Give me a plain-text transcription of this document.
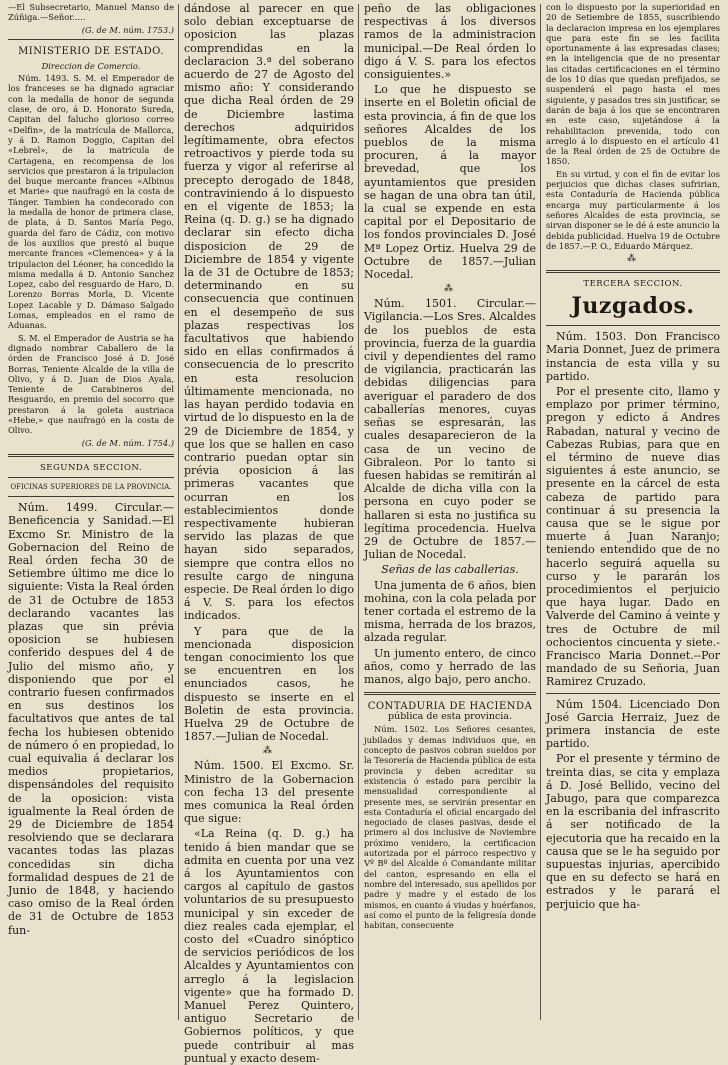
—El Subsecretario, Manuel Manso de Zúñiga.—Señor.....

(G. de M. núm. 1753.)

MINISTERIO DE ESTADO.

Direccion de Comercio.

Núm. 1493. S. M. el Emperador de los franceses se ha dignado agraciar con la medalla de honor de segunda clase, de oro, á D. Honorato Sureda, Capitan del falucho glorioso correo «Delfin», de la matrícula de Mallorca, y á D. Ramon Doggio, Capitan del «Lebrel», de la matrícula de Cartagena, en recompensa de los servicios que prestaron á la tripulacion del buque mercante frances «Albinus et Marie» que naufragó en la costa de Tánger. Tambien ha condecorado con la medalla de honor de primera clase, de plata, á D. Santos María Pego, guarda del faro de Cádiz, con motivo de los auxilios que prestó al buque mercante frances «Clemencea» y á la tripulacion del Léoner, ha concedido la misma medalla á D. Antonio Sanchez Lopez, cabo del resguardo de Haro, D. Lorenzo Borras Morla, D. Vicente Lopez Lacable y D. Dámaso Salgado Lomas, empleados en el ramo de Aduanas.

S. M. el Emperador de Austria se ha dignado nombrar Caballero de la órden de Francisco José á D. José Borras, Teniente Alcalde de la villa de Olivo, y á D. Juan de Dios Ayala, Teniente de Carabineros del Resguardo, en premio del socorro que prestaron á la goleta austriaca «Hebe,» que naufragó en la costa de Olivo.

(G. de M. núm. 1754.)

SEGUNDA SECCION.

OFICINAS SUPERIORES DE LA PROVINCIA.

Núm. 1499. Circular.— Beneficencia y Sanidad.—El Excmo Sr. Ministro de la Gobernacion del Reino de Real órden fecha 30 de Setiembre último me dice lo siguiente: Vista la Real órden de 31 de Octubre de 1853 declarando vacantes las plazas que sin prévia oposicion se hubiesen conferido despues del 4 de Julio del mismo año, y disponiendo que por el contrario fuesen confirmados en sus destinos los facultativos que antes de tal fecha los hubiesen obtenido de número ó en propiedad, lo cual equivalia á declarar los medios propietarios, dispensándoles del requisito de la oposicion: vista igualmente la Real órden de 29 de Diciembre de 1854 resolviendo que se declarara vacantes todas las plazas concedidas sin dicha formalidad despues de 21 de Junio de 1848, y haciendo caso omiso de la Real órden de 31 de Octubre de 1853 fun-

dándose al parecer en que solo debian exceptuarse de oposicion las plazas comprendidas en la declaracion 3.ª del soberano acuerdo de 27 de Agosto del mismo año: Y considerando que dicha Real órden de 29 de Diciembre lastima derechos adquiridos legítimamente, obra efectos retroactivos y pierde toda su fuerza y vigor al referirse al precepto derogado de 1848, contraviniendo á lo dispuesto en el vigente de 1853; la Reina (q. D. g.) se ha dignado declarar sin efecto dicha disposicion de 29 de Diciembre de 1854 y vigente la de 31 de Octubre de 1853; determinando en su consecuencia que continuen en el desempeño de sus plazas respectivas los facultativos que habiendo sido en ellas confirmados á consecuencia de lo prescrito en esta resolucion últimamente mencionada, no las hayan perdido todavia en virtud de lo dispuesto en la de 29 de Diciembre de 1854, y que los que se hallen en caso contrario puedan optar sin prévia oposicion á las primeras vacantes que ocurran en los establecimientos donde respectivamente hubieran servido las plazas de que hayan sido separados, siempre que contra ellos no resulte cargo de ninguna especie. De Real órden lo digo á V. S. para los efectos indicados.

Y para que de la mencionada disposicion tengan conocimiento los que se encuentren en los enunciados casos, he dispuesto se inserte en el Boletin de esta provincia. Huelva 29 de Octubre de 1857.—Julian de Nocedal.

⁂

Núm. 1500. El Excmo. Sr. Ministro de la Gobernacion con fecha 13 del presente mes comunica la Real órden que sigue:

«La Reina (q. D. g.) ha tenido á bien mandar que se admita en cuenta por una vez á los Ayuntamientos con cargos al capítulo de gastos voluntarios de su presupuesto municipal y sin exceder de diez reales cada ejemplar, el costo del «Cuadro sinóptico de servicios periódicos de los Alcaldes y Ayuntamientos con arreglo á la legislacion vigente» que ha formado D. Manuel Perez Quintero, antiguo Secretario de Gobiernos políticos, y que puede contribuir al mas puntual y exacto desem-

peño de las obligaciones respectivas á los diversos ramos de la administracion municipal.—De Real órden lo digo á V. S. para los efectos consiguientes.»

Lo que he dispuesto se inserte en el Boletin oficial de esta provincia, á fin de que los señores Alcaldes de los pueblos de la misma procuren, á la mayor brevedad, que los ayuntamientos que presiden se hagan de una obra tan útil, la cual se expende en esta capital por el Depositario de los fondos provinciales D. José Mª Lopez Ortiz. Huelva 29 de Octubre de 1857.—Julian Nocedal.

⁂

Núm. 1501. Circular.— Vigilancia.—Los Sres. Alcaldes de los pueblos de esta provincia, fuerza de la guardia civil y dependientes del ramo de vigilancia, practicarán las debidas diligencias para averiguar el paradero de dos caballerías menores, cuyas señas se espresarán, las cuales desaparecieron de la casa de un vecino de Gibraleon. Por lo tanto si fuesen habidas se remitirán al Alcalde de dicha villa con la persona en cuyo poder se hallaren si esta no justifica su legítima procedencia. Huelva 29 de Octubre de 1857.—Julian de Nocedal.

Señas de las caballerias.

Una jumenta de 6 años, bien mohina, con la cola pelada por tener cortada el estremo de la misma, herrada de los brazos, alzada regular.

Un jumento entero, de cinco años, como y herrado de las manos, algo bajo, pero ancho.

CONTADURIA DE HACIENDA

pública de esta provincia.

Núm. 1502. Los Señores cesantes, jubilados y demas individuos que, en concepto de pasivos cobran sueldos por la Tesorería de Hacienda pública de esta provincia y deben acreditar su existencia ó estado para percibir la mensualidad correspondiente al presente mes, se servirán presentar en esta Contaduría el oficial encargado del negociado de clases pasivas, desde el primero al dos inclusive de Noviembre próximo venidero, la certificacion autorizada por el párroco respectivo y Vº Bº del Alcalde ó Comandante militar del canton, espresando en ella el nombre del interesado, sus apellidos por padre y madre y el estado de los mismos, en cuanto á viudas y huérfanos, así como el punto de la feligresía donde habitan, consecuente

con lo dispuesto por la superioridad en 20 de Setiembre de 1855, suscribiendo la declaracion impresa en los ejemplares que para este fin se les facilita oportunamente á las expresadas clases; en la inteligencia que de no presentar las citadas certificaciones en el término de los 10 días que quedan prefijados, se suspenderá el pago hasta el mes siguiente, y pasados tres sin justificar, se darán de baja á los que se encontraren en este caso, sujetándose á la rehabilitacion prevenida, todo con arreglo á lo dispuesto en el artículo 41 de la Real órden de 25 de Octubre de 1850.

En su virtud, y con el fin de evitar los perjuicios que dichas clases sufririan, esta Contaduría de Hacienda pública encarga muy particularmente á los señores Alcaldes de esta provincia, se sirvan disponer se le dé á este anuncio la debida publicidad. Huelva 19 de Octubre de 1857.—P. O., Eduardo Márquez.

⁂

TERCERA SECCION.

Juzgados.

Núm. 1503. Don Francisco Maria Donnet, Juez de primera instancia de esta villa y su partido.

Por el presente cito, llamo y emplazo por primer término, pregon y edicto á Andres Rabadan, natural y vecino de Cabezas Rubias, para que en el término de nueve dias siguientes á este anuncio, se presente en la cárcel de esta cabeza de partido para continuar á su presencia la causa que se le sigue por muerte á Juan Naranjo; teniendo entendido que de no hacerlo seguirá aquella su curso y le pararán los procedimientos el perjuicio que haya lugar. Dado en Valverde del Camino á veinte y tres de Octubre de mil ochocientos cincuenta y siete.- Francisco Maria Donnet.--Por mandado de su Señoria, Juan Ramirez Cruzado.

Núm 1504. Licenciado Don José Garcia Herraiz, Juez de primera instancia de este partido.

Por el presente y término de treinta dias, se cita y emplaza á D. José Bellido, vecino del Jabugo, para que comparezca en la escribania del infrascrito á ser notificado de la ejecutoria que ha recaido en la causa que se le ha seguido por supuestas injurias, apercibido que en su defecto se hará en estrados y le parará el perjuicio que ha-
